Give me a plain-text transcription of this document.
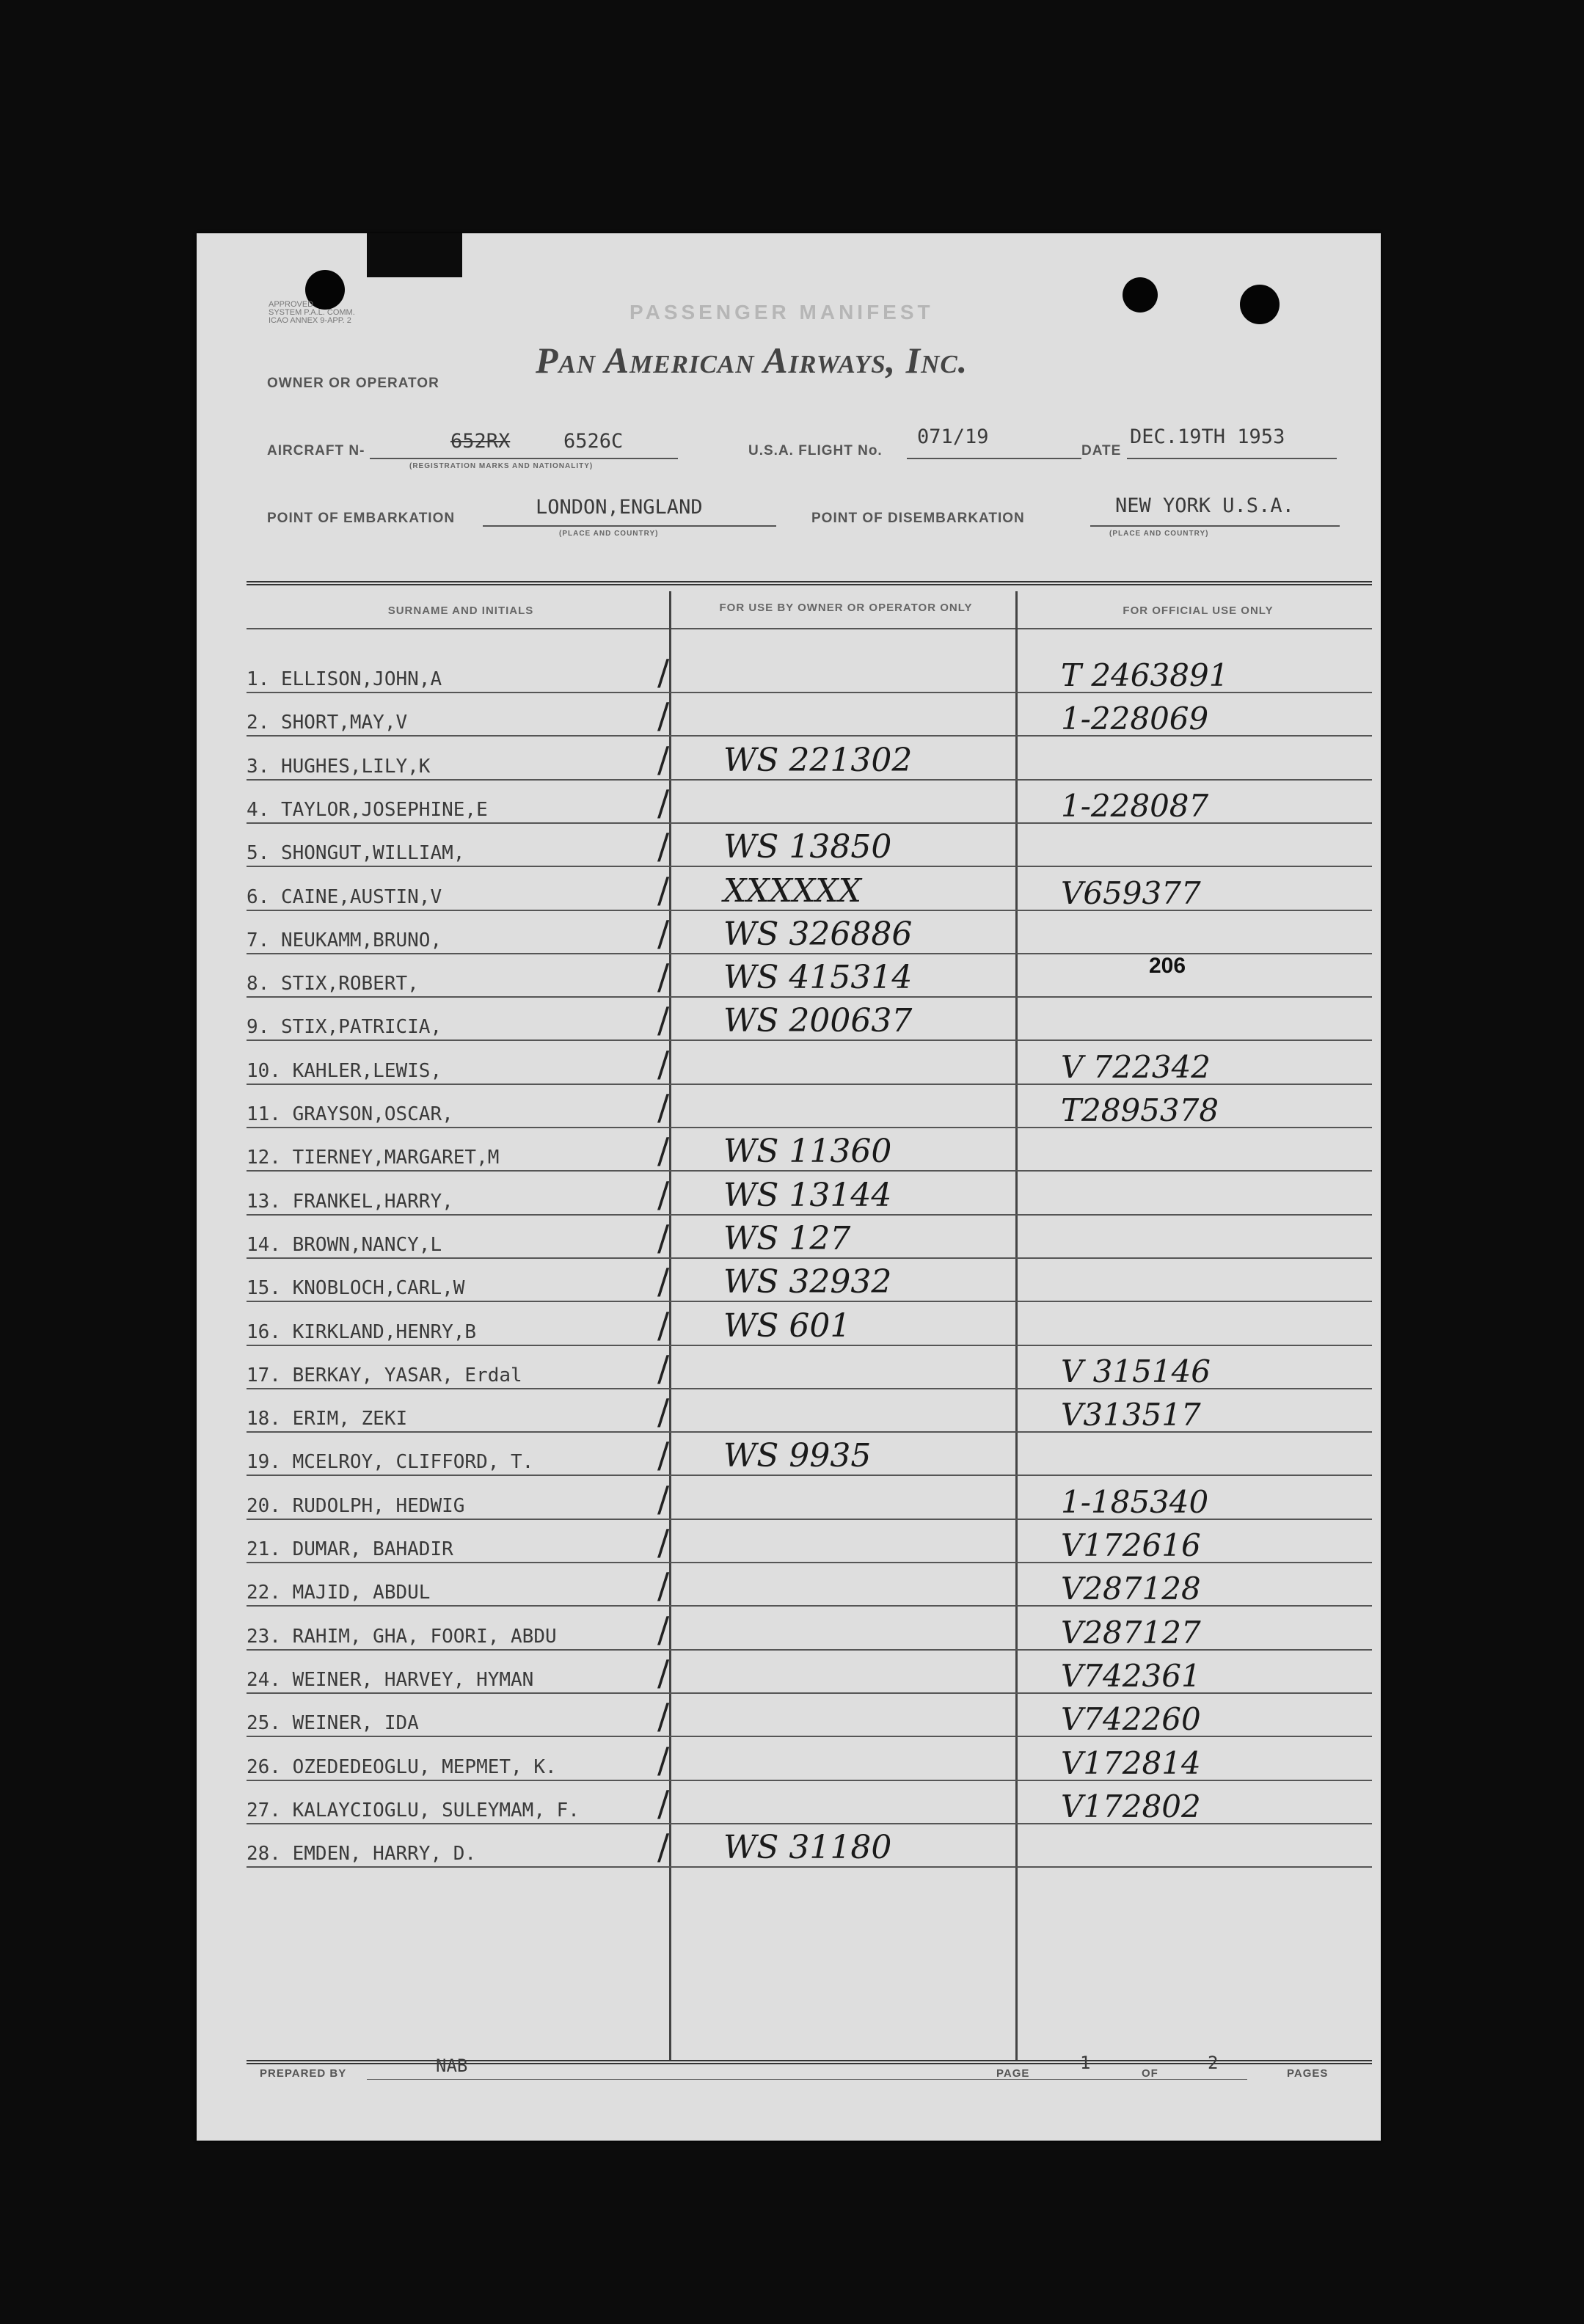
APPROVED
SYSTEM P.A.L. COMM.
ICAO ANNEX 9-APP. 2	PASSENGER MANIFEST
Pan American Airways, Inc.
OWNER OR OPERATOR
AIRCRAFT N-	652RX	6526C
(REGISTRATION MARKS AND NATIONALITY)
U.S.A. FLIGHT No.
071/19
DATE
DEC.19TH 1953
POINT OF EMBARKATION	LONDON,ENGLAND
(PLACE AND COUNTRY)
POINT OF DISEMBARKATION
NEW YORK U.S.A.
(PLACE AND COUNTRY)
SURNAME AND INITIALS	FOR USE BY OWNER OR OPERATOR ONLY	FOR OFFICIAL USE ONLY
1. ELLISON,JOHN,A	/	T 2463891
2. SHORT,MAY,V	/	1-228069
3. HUGHES,LILY,K	/ WS 221302
4. TAYLOR,JOSEPHINE,E	/	1-228087
5. SHONGUT,WILLIAM,	/ WS 13850
6. CAINE,AUSTIN,V	/ XXXXXX	V659377
7. NEUKAMM,BRUNO,	/ WS 326886
8. STIX,ROBERT,	/ WS 415314
9. STIX,PATRICIA,	/ WS 200637
10. KAHLER,LEWIS,	/	V 722342
11. GRAYSON,OSCAR,	/	T2895378
12. TIERNEY,MARGARET,M	/ WS 11360
13. FRANKEL,HARRY,	/ WS 13144
14. BROWN,NANCY,L	/ WS 127
15. KNOBLOCH,CARL,W	/ WS 32932
16. KIRKLAND,HENRY,B	/ WS 601
17. BERKAY, YASAR, Erdal	/	V 315146
18. ERIM, ZEKI	/	V313517
19. MCELROY, CLIFFORD, T.	/ WS 9935
20. RUDOLPH, HEDWIG	/	1-185340
21. DUMAR, BAHADIR	/	V172616
22. MAJID, ABDUL	/	V287128
23. RAHIM, GHA, FOORI, ABDU	/	V287127
24. WEINER, HARVEY, HYMAN	/	V742361
25. WEINER, IDA	/	V742260
26. OZEDEDEOGLU, MEPMET, K.	/	V172814
27. KALAYCIOGLU, SULEYMAM, F. /	V172802
28. EMDEN, HARRY, D.	/ WS 31180
206
PREPARED BY	NAB	PAGE
1
OF
2
PAGES
